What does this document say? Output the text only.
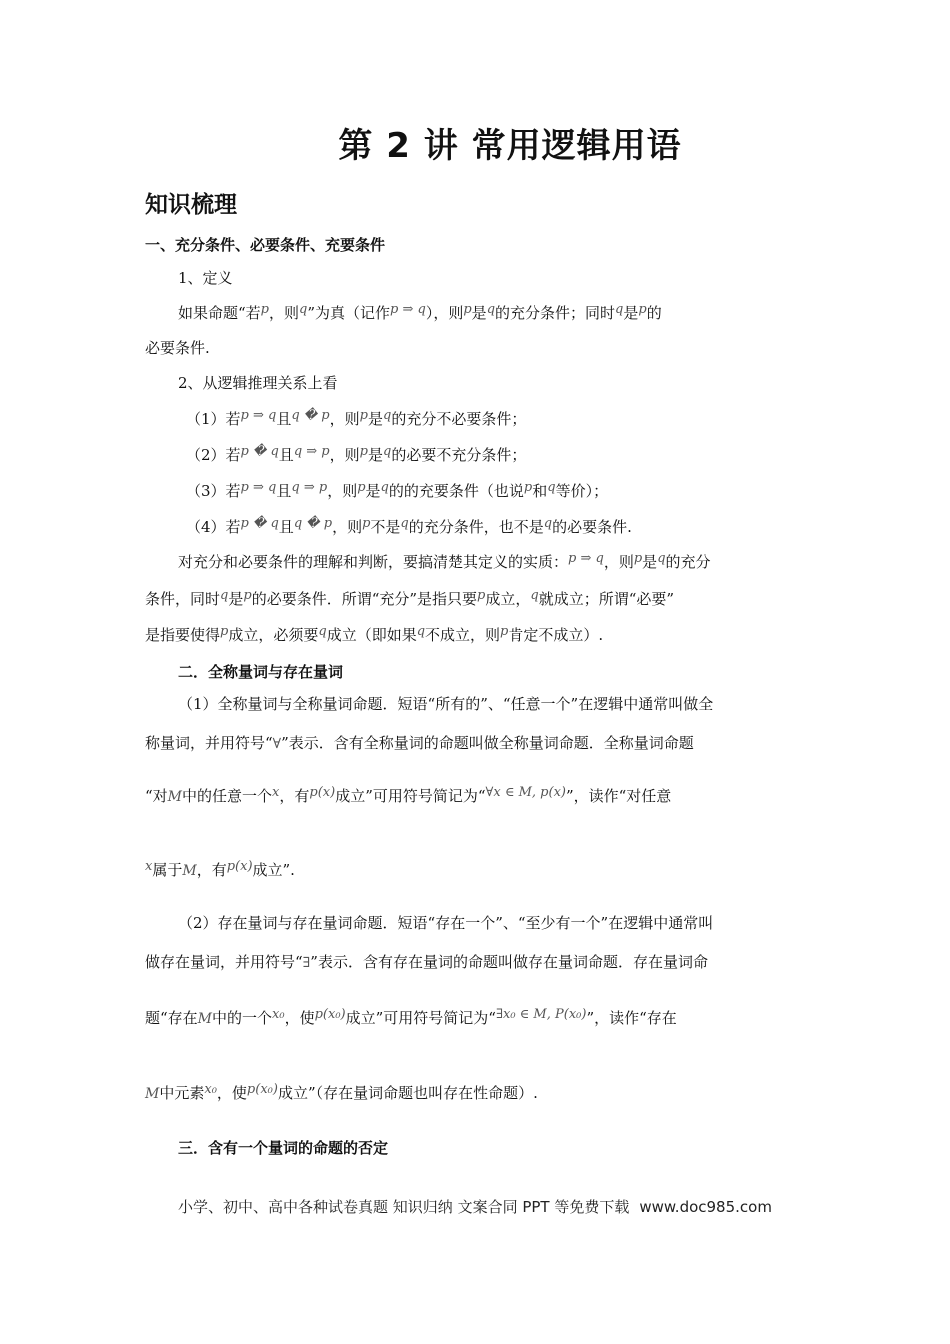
第 2 讲 常用逻辑用语
知识梳理
一、充分条件、必要条件、充要条件
1、定义
如果命题“若p，则q”为真（记作p ⇒ q），则p是q的充分条件；同时q是p的
必要条件.
2、从逻辑推理关系上看
（1）若p ⇒ q且q � p，则p是q的充分不必要条件；
（2）若p � q且q ⇒ p，则p是q的必要不充分条件；
（3）若p ⇒ q且q ⇒ p，则p是q的的充要条件（也说p和q等价）；
（4）若p � q且q � p，则p不是q的充分条件，也不是q的必要条件.
对充分和必要条件的理解和判断，要搞清楚其定义的实质：p ⇒ q，则p是q的充分
条件，同时q是p的必要条件．所谓“充分”是指只要p成立，q就成立；所谓“必要”
是指要使得p成立，必须要q成立（即如果q不成立，则p肯定不成立）.
二．全称量词与存在量词
（1）全称量词与全称量词命题．短语“所有的”、“任意一个”在逻辑中通常叫做全
称量词，并用符号“∀”表示．含有全称量词的命题叫做全称量词命题．全称量词命题
“对M中的任意一个x，有p(x)成立”可用符号简记为“∀x ∈ M, p(x)”，读作“对任意
x属于M，有p(x)成立”.
（2）存在量词与存在量词命题．短语“存在一个”、“至少有一个”在逻辑中通常叫
做存在量词，并用符号“∃”表示．含有存在量词的命题叫做存在量词命题．存在量词命
题“存在M中的一个x₀，使p(x₀)成立”可用符号简记为“∃x₀ ∈ M, P(x₀)”，读作“存在
M中元素x₀，使p(x₀)成立”（存在量词命题也叫存在性命题）.
三．含有一个量词的命题的否定
小学、初中、高中各种试卷真题 知识归纳 文案合同 PPT 等免费下载 www.doc985.com
